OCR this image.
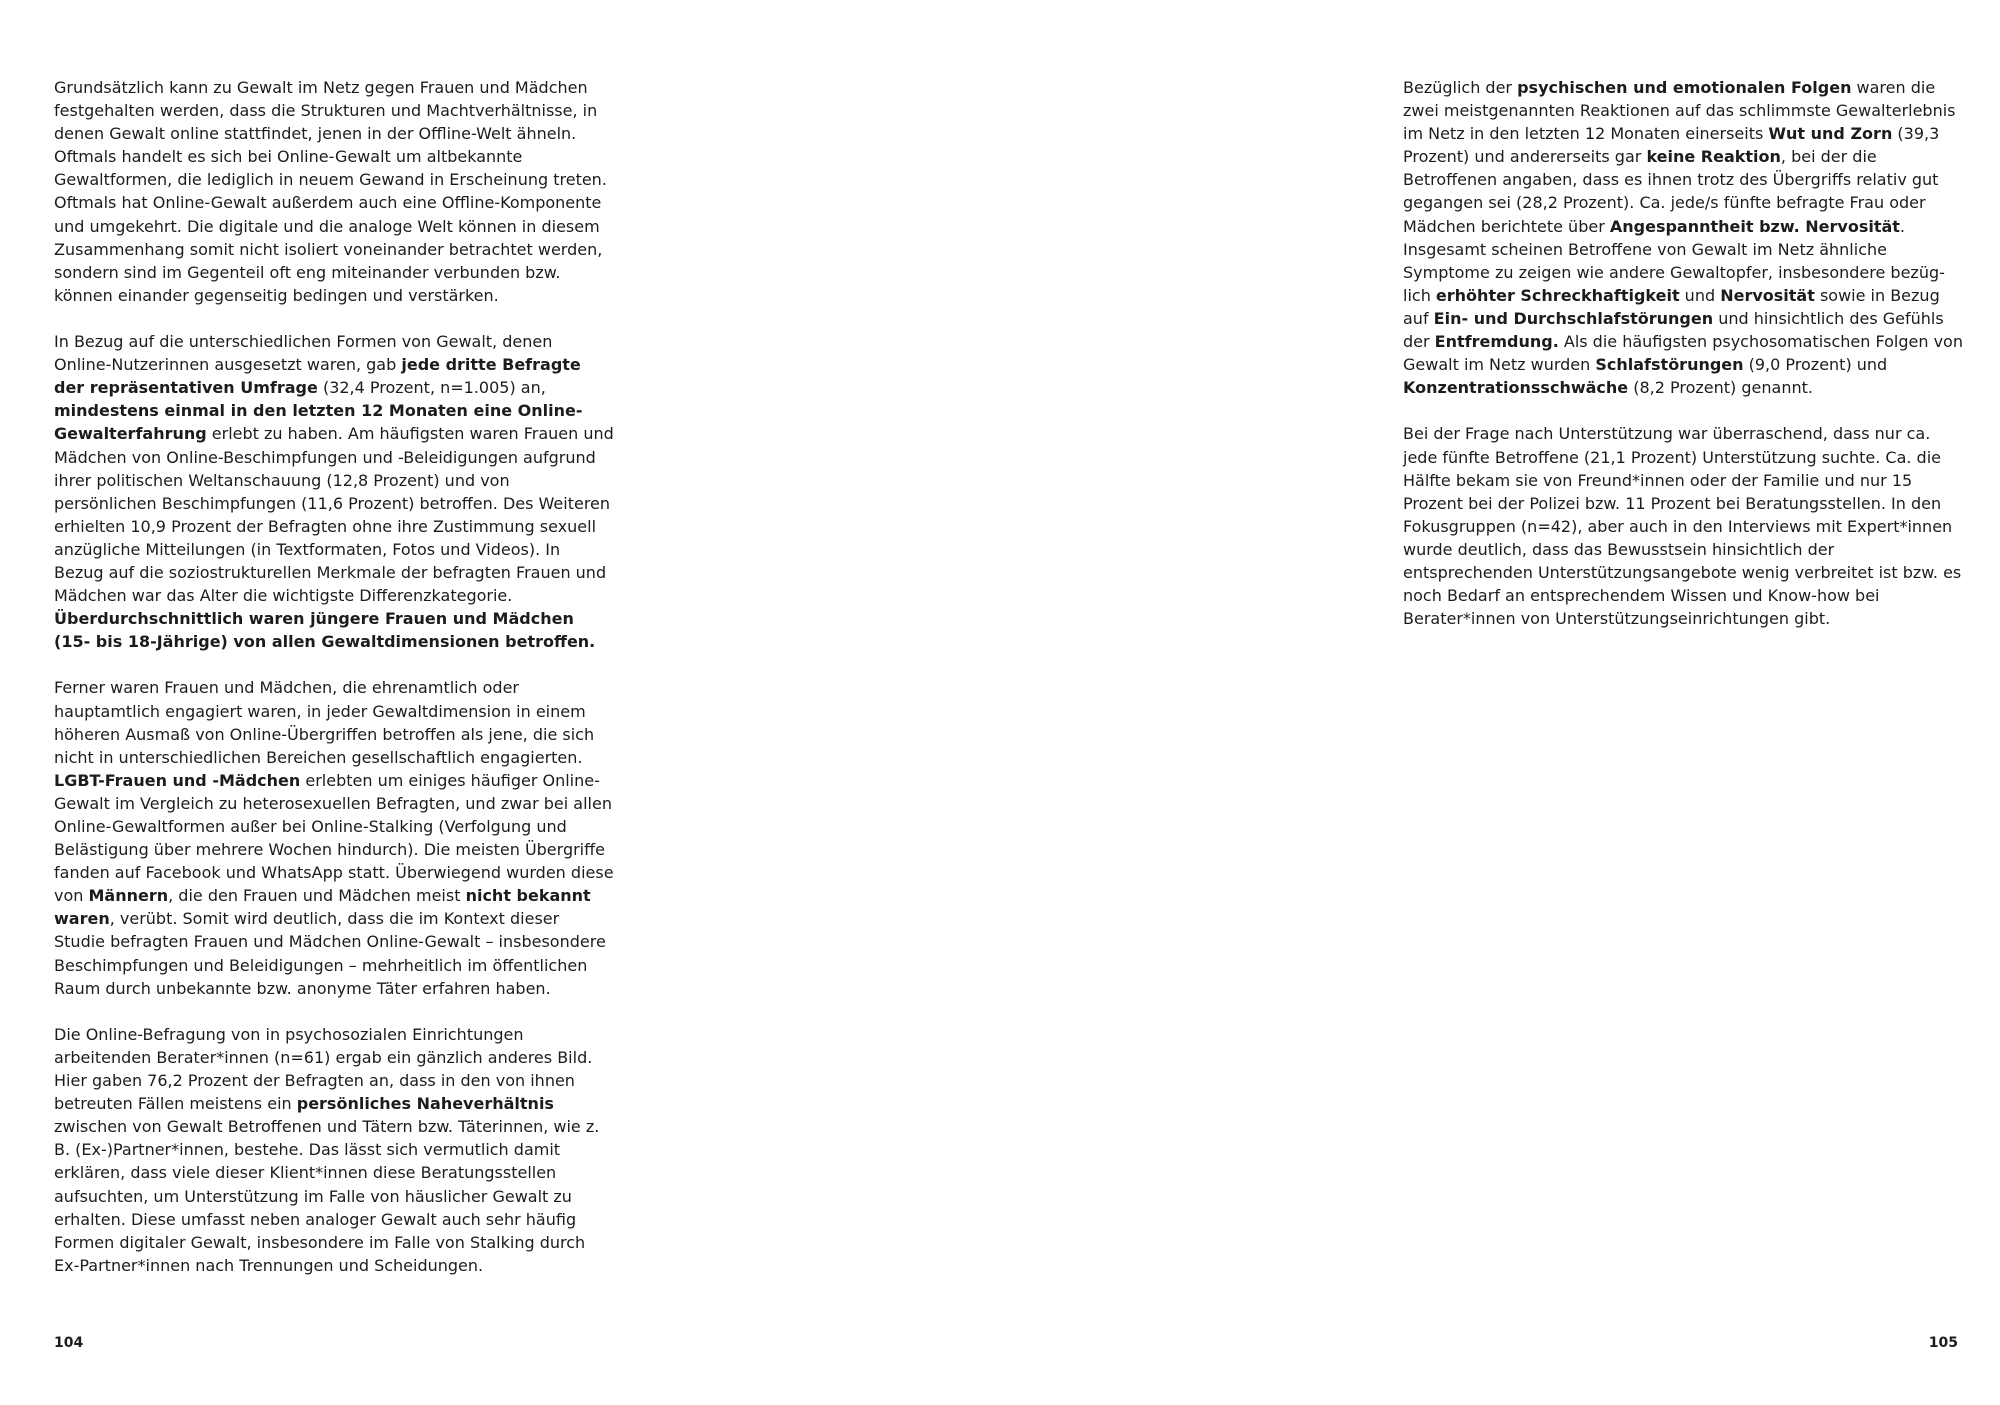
Grundsätzlich kann zu Gewalt im Netz gegen Frauen und Mädchen festgehalten werden, dass die Strukturen und Machtverhältnisse, in denen Gewalt online stattfindet, jenen in der Offline-Welt ähneln. Oftmals handelt es sich bei Online-Gewalt um altbekannte Gewaltformen, die lediglich in neuem Gewand in Erscheinung treten. Oftmals hat Online-Gewalt außerdem auch eine Offline-Komponente und umgekehrt. Die digitale und die analoge Welt können in diesem Zusammenhang somit nicht isoliert voneinander betrachtet werden, sondern sind im Gegenteil oft eng miteinander verbunden bzw. können einander gegenseitig bedingen und verstärken.

In Bezug auf die unterschiedlichen Formen von Gewalt, denen Online-Nutzerinnen ausgesetzt waren, gab jede dritte Befragte der repräsentativen Umfrage (32,4 Prozent, n=1.005) an, mindestens einmal in den letzten 12 Monaten eine Online-Gewalterfahrung erlebt zu haben. Am häufigsten waren Frauen und Mädchen von Online-Beschimpfungen und -Beleidigungen aufgrund ihrer politischen Weltanschauung (12,8 Prozent) und von persönlichen Beschimpfungen (11,6 Prozent) betroffen. Des Weiteren erhielten 10,9 Prozent der Befragten ohne ihre Zustimmung sexuell anzügliche Mitteilungen (in Textformaten, Fotos und Videos). In Bezug auf die soziostrukturellen Merkmale der befragten Frauen und Mädchen war das Alter die wichtigste Differenzkategorie. Überdurchschnittlich waren jüngere Frauen und Mädchen (15- bis 18-Jährige) von allen Gewaltdimensionen betroffen.

Ferner waren Frauen und Mädchen, die ehrenamtlich oder hauptamtlich engagiert waren, in jeder Gewaltdimension in einem höheren Ausmaß von Online-Übergriffen betroffen als jene, die sich nicht in unterschiedlichen Bereichen gesellschaftlich engagierten. LGBT-Frauen und -Mädchen erlebten um einiges häufiger Online-Gewalt im Vergleich zu heterosexuellen Befragten, und zwar bei allen Online-Gewaltformen außer bei Online-Stalking (Verfolgung und Belästigung über mehrere Wochen hindurch). Die meisten Übergriffe fanden auf Facebook und WhatsApp statt. Überwiegend wurden diese von Männern, die den Frauen und Mädchen meist nicht bekannt waren, verübt. Somit wird deutlich, dass die im Kontext dieser Studie befragten Frauen und Mädchen Online-Gewalt – insbesondere Beschimpfungen und Beleidigungen – mehrheitlich im öffentlichen Raum durch unbekannte bzw. anonyme Täter erfahren haben.

Die Online-Befragung von in psychosozialen Einrichtungen arbeitenden Berater*innen (n=61) ergab ein gänzlich anderes Bild. Hier gaben 76,2 Prozent der Befragten an, dass in den von ihnen betreuten Fällen meistens ein persönliches Naheverhältnis zwischen von Gewalt Betroffenen und Tätern bzw. Täterinnen, wie z. B. (Ex-)Partner*innen, bestehe. Das lässt sich vermutlich damit erklären, dass viele dieser Klient*innen diese Beratungsstellen aufsuchten, um Unterstützung im Falle von häuslicher Gewalt zu erhalten. Diese umfasst neben analoger Gewalt auch sehr häufig Formen digitaler Gewalt, insbesondere im Falle von Stalking durch Ex-Partner*innen nach Trennungen und Scheidungen.

104

Bezüglich der psychischen und emotionalen Folgen waren die zwei meistgenannten Reaktionen auf das schlimmste Gewalterlebnis im Netz in den letzten 12 Monaten einerseits Wut und Zorn (39,3 Prozent) und andererseits gar keine Reaktion, bei der die Betroffenen angaben, dass es ihnen trotz des Übergriffs relativ gut gegangen sei (28,2 Prozent). Ca. jede/s fünfte befragte Frau oder Mädchen berichtete über Angespanntheit bzw. Nervosität. Insgesamt scheinen Betroffene von Gewalt im Netz ähnliche Symptome zu zeigen wie andere Gewaltopfer, insbesondere bezüg-lich erhöhter Schreckhaftigkeit und Nervosität sowie in Bezug auf Ein- und Durchschlafstörungen und hinsichtlich des Gefühls der Entfremdung. Als die häufigsten psychosomatischen Folgen von Gewalt im Netz wurden Schlafstörungen (9,0 Prozent) und Konzentrationsschwäche (8,2 Prozent) genannt.

Bei der Frage nach Unterstützung war überraschend, dass nur ca. jede fünfte Betroffene (21,1 Prozent) Unterstützung suchte. Ca. die Hälfte bekam sie von Freund*innen oder der Familie und nur 15 Prozent bei der Polizei bzw. 11 Prozent bei Beratungsstellen. In den Fokusgruppen (n=42), aber auch in den Interviews mit Expert*innen wurde deutlich, dass das Bewusstsein hinsichtlich der entsprechenden Unterstützungsangebote wenig verbreitet ist bzw. es noch Bedarf an entsprechendem Wissen und Know-how bei Berater*innen von Unterstützungseinrichtungen gibt.

105
